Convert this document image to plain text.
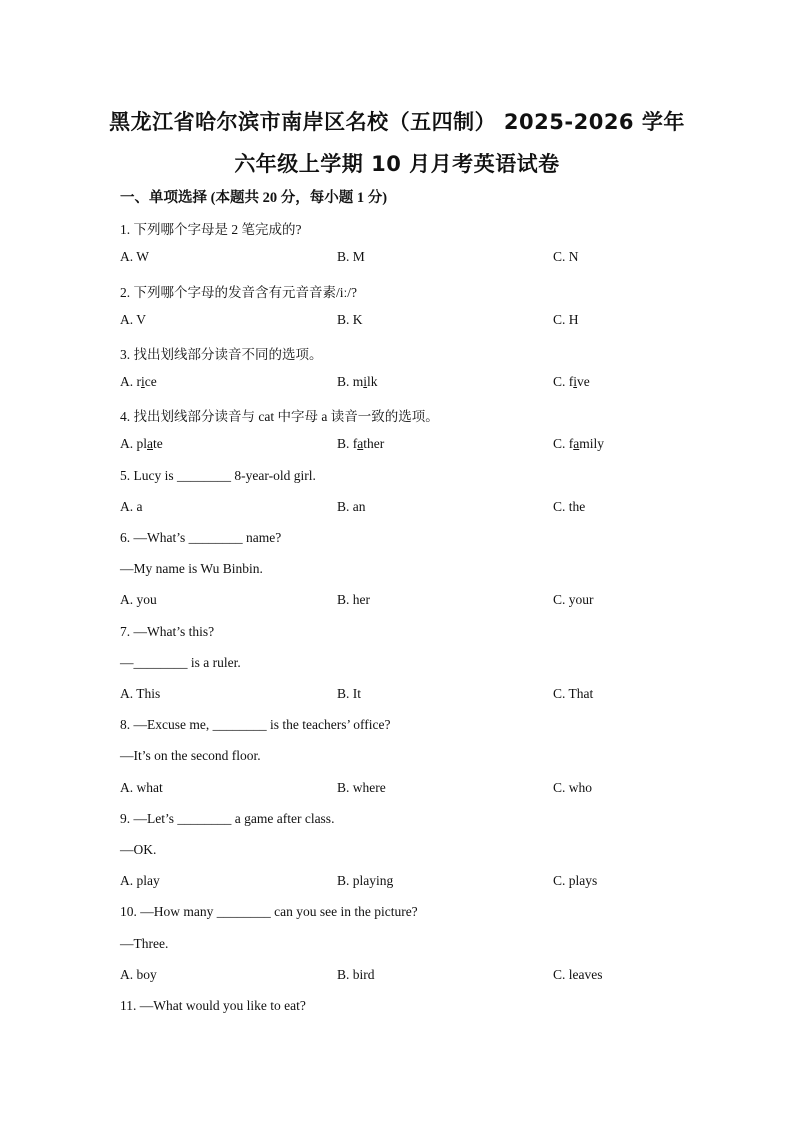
黑龙江省哈尔滨市南岸区名校（五四制） 2025-2026 学年
六年级上学期 10 月月考英语试卷
一、单项选择 (本题共 20 分，每小题 1 分)
1. 下列哪个字母是 2 笔完成的?
A. W	B. M	C. N
2. 下列哪个字母的发音含有元音音素/iː/?
A. V	B. K	C. H
3. 找出划线部分读音不同的选项。
A. rice	B. milk	C. five
4. 找出划线部分读音与 cat 中字母 a 读音一致的选项。
A. plate	B. father	C. family
5. Lucy is ________ 8-year-old girl.
A. a	B. an	C. the
6. —What’s ________ name?
—My name is Wu Binbin.
A. you	B. her	C. your
7. —What’s this?
—________ is a ruler.
A. This	B. It	C. That
8. —Excuse me, ________ is the teachers’ office?
—It’s on the second floor.
A. what	B. where	C. who
9. —Let’s ________ a game after class.
—OK.
A. play	B. playing	C. plays
10. —How many ________ can you see in the picture?
—Three.
A. boy	B. bird	C. leaves
11. —What would you like to eat?
